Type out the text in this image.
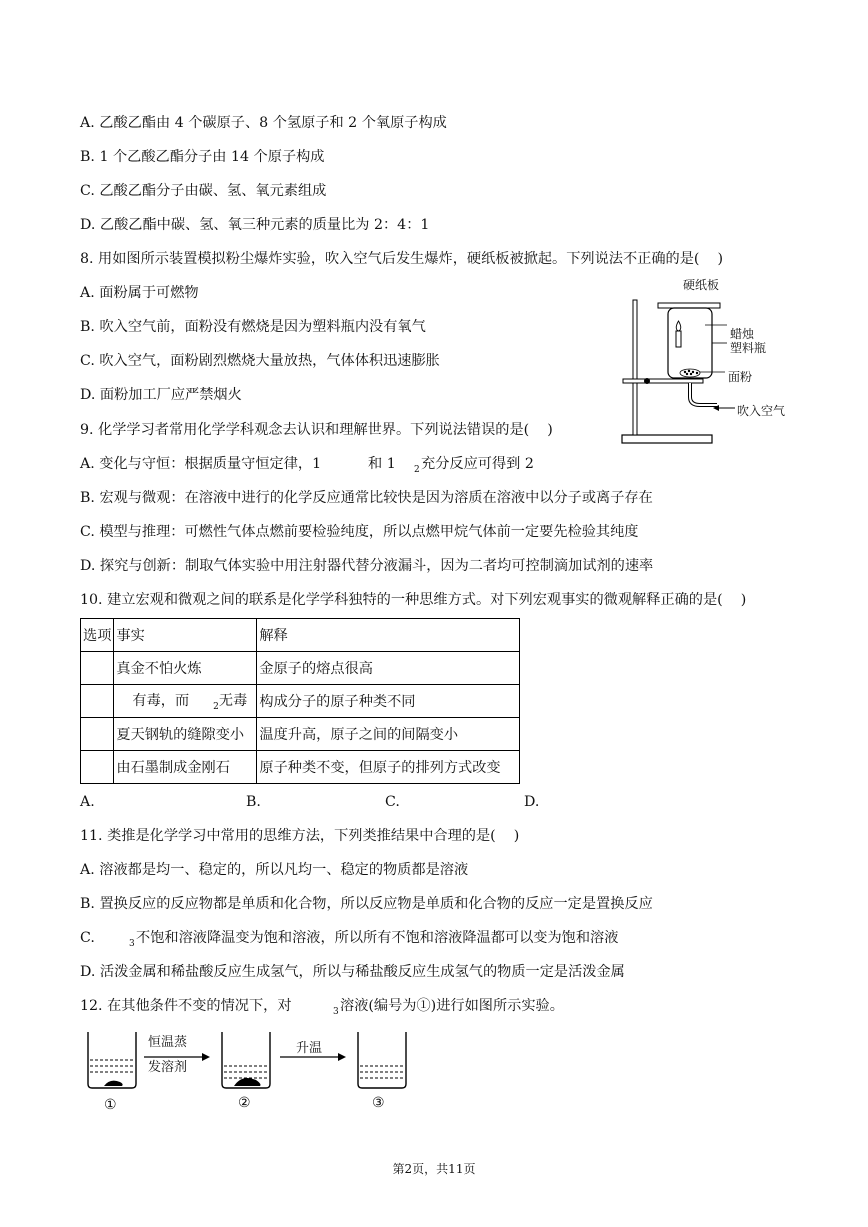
A. 乙酸乙酯由 4 个碳原子、8 个氢原子和 2 个氧原子构成
B. 1 个乙酸乙酯分子由 14 个原子构成
C. 乙酸乙酯分子由碳、氢、氧元素组成
D. 乙酸乙酯中碳、氢、氧三种元素的质量比为 2：4：1
8. 用如图所示装置模拟粉尘爆炸实验，吹入空气后发生爆炸，硬纸板被掀起。下列说法不正确的是(    )
A. 面粉属于可燃物
B. 吹入空气前，面粉没有燃烧是因为塑料瓶内没有氧气
C. 吹入空气，面粉剧烈燃烧大量放热，气体体积迅速膨胀
D. 面粉加工厂应严禁烟火
硬纸板
蜡烛
塑料瓶
面粉
吹入空气
9. 化学学习者常用化学学科观念去认识和理解世界。下列说法错误的是(    )
A. 变化与守恒：根据质量守恒定律，1	和 1 2 充分反应可得到 2
B. 宏观与微观：在溶液中进行的化学反应通常比较快是因为溶质在溶液中以分子或离子存在
C. 模型与推理：可燃性气体点燃前要检验纯度，所以点燃甲烷气体前一定要先检验其纯度
D. 探究与创新：制取气体实验中用注射器代替分液漏斗，因为二者均可控制滴加试剂的速率
10. 建立宏观和微观之间的联系是化学学科独特的一种思维方式。对下列宏观事实的微观解释正确的是(    )
选项	事实	解释
	真金不怕火炼	金原子的熔点很高
	有毒，而 $_2$无毒	构成分子的原子种类不同
	夏天钢轨的缝隙变小	温度升高，原子之间的间隔变小
	由石墨制成金刚石	原子种类不变，但原子的排列方式改变
A.	B.	C.	D.
11. 类推是化学学习中常用的思维方法，下列类推结果中合理的是(    )
A. 溶液都是均一、稳定的，所以凡均一、稳定的物质都是溶液
B. 置换反应的反应物都是单质和化合物，所以反应物是单质和化合物的反应一定是置换反应
C.	3 不饱和溶液降温变为饱和溶液，所以所有不饱和溶液降温都可以变为饱和溶液
D. 活泼金属和稀盐酸反应生成氢气，所以与稀盐酸反应生成氢气的物质一定是活泼金属
12. 在其他条件不变的情况下，对	3 溶液(编号为①)进行如图所示实验。
恒温蒸
发溶剂
升温
①	②	③
第2页，共11页
